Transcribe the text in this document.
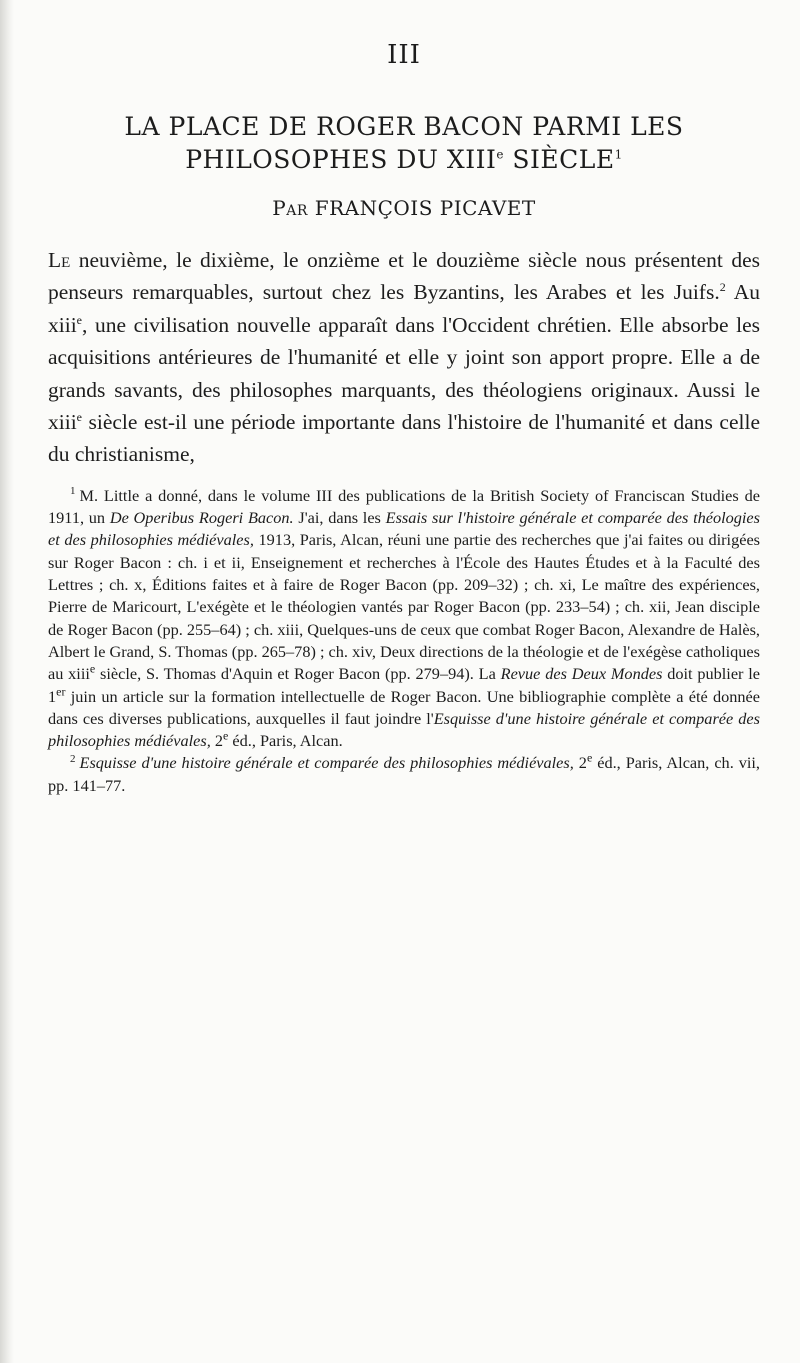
III
LA PLACE DE ROGER BACON PARMI LES
PHILOSOPHES DU XIIIe SIÈCLE$^1$
Par FRANÇOIS PICAVET

Le neuvième, le dixième, le onzième et le douzième siècle nous présentent des penseurs remarquables, surtout chez les Byzantins, les Arabes et les Juifs.$^2$ Au xiii$^e$, une civilisation nouvelle apparaît dans l'Occident chrétien. Elle absorbe les acquisitions antérieures de l'humanité et elle y joint son apport propre. Elle a de grands savants, des philosophes marquants, des théologiens originaux. Aussi le xiii$^e$ siècle est-il une période importante dans l'histoire de l'humanité et dans celle du christianisme,

$^1$ M. Little a donné, dans le volume III des publications de la British Society of Franciscan Studies de 1911, un De Operibus Rogeri Bacon. J'ai, dans les Essais sur l'histoire générale et comparée des théologies et des philosophies médiévales, 1913, Paris, Alcan, réuni une partie des recherches que j'ai faites ou dirigées sur Roger Bacon : ch. i et ii, Enseignement et recherches à l'École des Hautes Études et à la Faculté des Lettres ; ch. x, Éditions faites et à faire de Roger Bacon (pp. 209–32) ; ch. xi, Le maître des expériences, Pierre de Maricourt, L'exégète et le théologien vantés par Roger Bacon (pp. 233–54) ; ch. xii, Jean disciple de Roger Bacon (pp. 255–64) ; ch. xiii, Quelques-uns de ceux que combat Roger Bacon, Alexandre de Halès, Albert le Grand, S. Thomas (pp. 265–78) ; ch. xiv, Deux directions de la théologie et de l'exégèse catholiques au xiii$^e$ siècle, S. Thomas d'Aquin et Roger Bacon (pp. 279–94). La Revue des Deux Mondes doit publier le 1er juin un article sur la formation intellectuelle de Roger Bacon. Une bibliographie complète a été donnée dans ces diverses publications, auxquelles il faut joindre l'Esquisse d'une histoire générale et comparée des philosophies médiévales, 2e éd., Paris, Alcan.

$^2$ Esquisse d'une histoire générale et comparée des philosophies médiévales, 2e éd., Paris, Alcan, ch. vii, pp. 141–77.
